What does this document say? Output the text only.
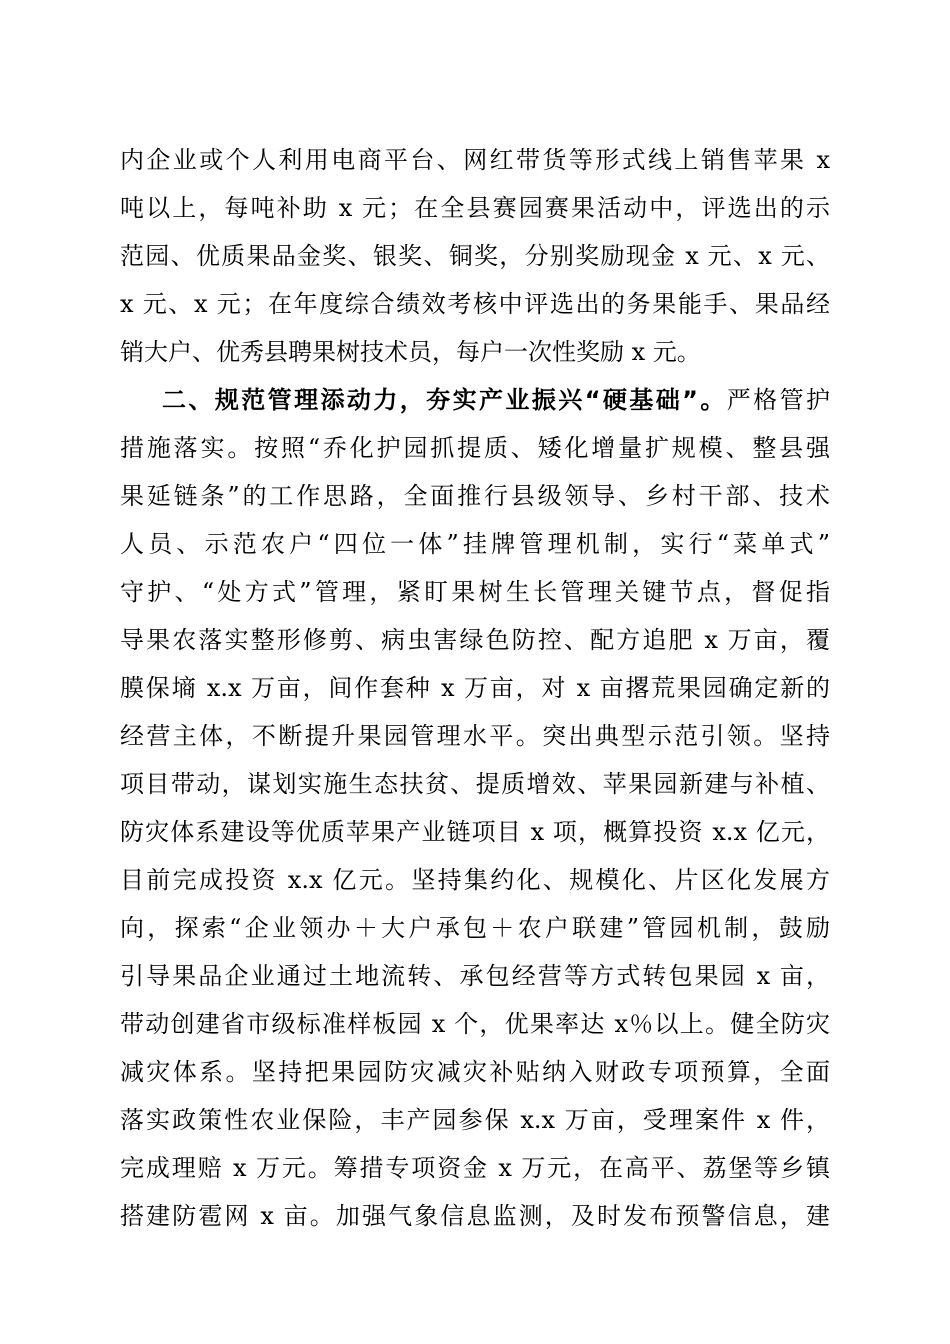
内企业或个人利用电商平台、网红带货等形式线上销售苹果 x
吨以上，每吨补助 x 元；在全县赛园赛果活动中，评选出的示
范园、优质果品金奖、银奖、铜奖，分别奖励现金 x 元、x 元、
x 元、x 元；在年度综合绩效考核中评选出的务果能手、果品经
销大户、优秀县聘果树技术员，每户一次性奖励 x 元。
二、规范管理添动力，夯实产业振兴“硬基础”。严格管护
措施落实。按照“乔化护园抓提质、矮化增量扩规模、整县强
果延链条”的工作思路，全面推行县级领导、乡村干部、技术
人员、示范农户“四位一体”挂牌管理机制，实行“菜单式”
守护、“处方式”管理，紧盯果树生长管理关键节点，督促指
导果农落实整形修剪、病虫害绿色防控、配方追肥 x 万亩，覆
膜保墒 x.x 万亩，间作套种 x 万亩，对 x 亩撂荒果园确定新的
经营主体，不断提升果园管理水平。突出典型示范引领。坚持
项目带动，谋划实施生态扶贫、提质增效、苹果园新建与补植、
防灾体系建设等优质苹果产业链项目 x 项，概算投资 x.x 亿元，
目前完成投资 x.x 亿元。坚持集约化、规模化、片区化发展方
向，探索“企业领办＋大户承包＋农户联建”管园机制，鼓励
引导果品企业通过土地流转、承包经营等方式转包果园 x 亩，
带动创建省市级标准样板园 x 个，优果率达 x％以上。健全防灾
减灾体系。坚持把果园防灾减灾补贴纳入财政专项预算，全面
落实政策性农业保险，丰产园参保 x.x 万亩，受理案件 x 件，
完成理赔 x 万元。筹措专项资金 x 万元，在高平、荔堡等乡镇
搭建防雹网 x 亩。加强气象信息监测，及时发布预警信息，建
